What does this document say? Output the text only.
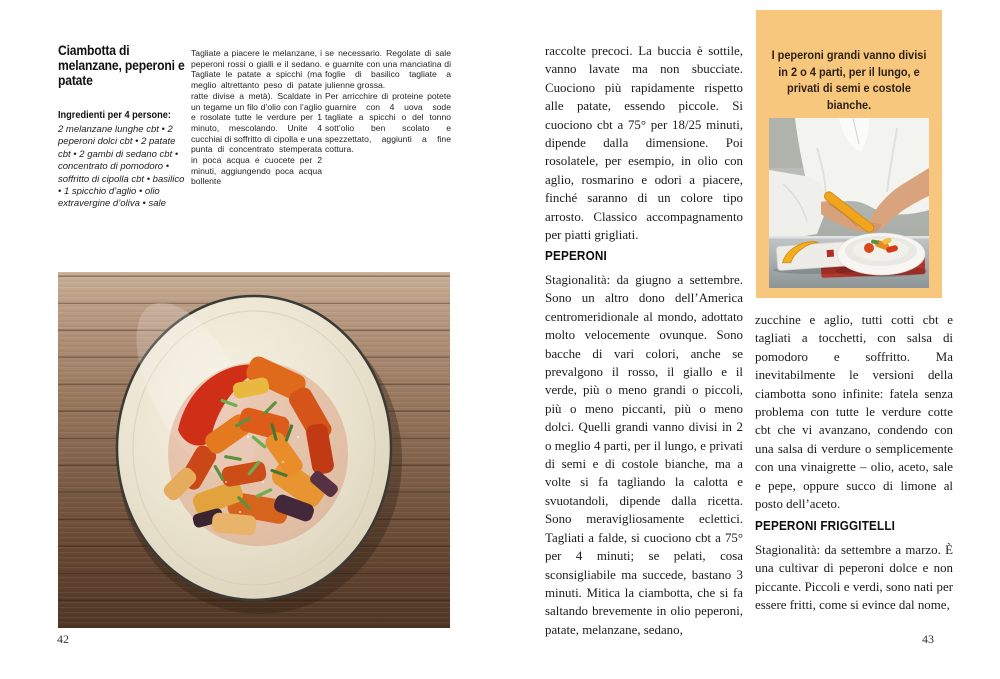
Ciambotta di melanzane, peperoni e patate
Ingredienti per 4 persone:
2 melanzane lunghe cbt • 2 peperoni dolci cbt • 2 patate cbt • 2 gambi di sedano cbt • concentrato di pomodoro • soffritto di cipolla cbt • basilico • 1 spicchio d’aglio • olio extravergine d’oliva • sale

Tagliate a piacere le melanzane, i peperoni rossi o gialli e il sedano. Tagliate le patate a spicchi (ma meglio altrettanto peso di patate ratte divise a metà). Scaldate in un tegame un filo d’olio con l’aglio e rosolate tutte le verdure per 1 minuto, mescolando. Unite 4 cucchiai di soffritto di cipolla e una punta di concentrato stemperata in poca acqua e cuocete per 2 minuti, aggiungendo poca acqua bollente

se necessario. Regolate di sale e guarnite con una manciatina di foglie di basilico tagliate a julienne grossa.

Per arricchire di proteine potete guarnire con 4 uova sode tagliate a spicchi o del tonno sott’olio ben scolato e spezzettato, aggiunti a fine cottura.

42

raccolte precoci. La buccia è sottile, vanno lavate ma non sbucciate. Cuociono più rapidamente rispetto alle patate, essendo piccole. Si cuociono cbt a 75° per 18/25 minuti, dipende dalla dimensione. Poi rosolatele, per esempio, in olio con aglio, rosmarino e odori a piacere, finché saranno di un colore tipo arrosto. Classico accompagnamento per piatti grigliati.

PEPERONI

Stagionalità: da giugno a settembre. Sono un altro dono dell’America centromeridionale al mondo, adottato molto velocemente ovunque. Sono bacche di vari colori, anche se prevalgono il rosso, il giallo e il verde, più o meno grandi o piccoli, più o meno piccanti, più o meno dolci. Quelli grandi vanno divisi in 2 o meglio 4 parti, per il lungo, e privati di semi e di costole bianche, ma a volte si fa tagliando la calotta e svuotandoli, dipende dalla ricetta. Sono meravigliosamente eclettici. Tagliati a falde, si cuociono cbt a 75° per 4 minuti; se pelati, cosa sconsigliabile ma succede, bastano 3 minuti. Mitica la ciambotta, che si fa saltando brevemente in olio peperoni, patate, melanzane, sedano,

I peperoni grandi vanno divisi in 2 o 4 parti, per il lungo, e privati di semi e costole bianche.

zucchine e aglio, tutti cotti cbt e tagliati a tocchetti, con salsa di pomodoro e soffritto. Ma inevitabilmente le versioni della ciambotta sono infinite: fatela senza problema con tutte le verdure cotte cbt che vi avanzano, condendo con una salsa di verdure o semplicemente con una vinaigrette – olio, aceto, sale e pepe, oppure succo di limone al posto dell’aceto.

PEPERONI FRIGGITELLI

Stagionalità: da settembre a marzo. È una cultivar di peperoni dolce e non piccante. Piccoli e verdi, sono nati per essere fritti, come si evince dal nome,

43
